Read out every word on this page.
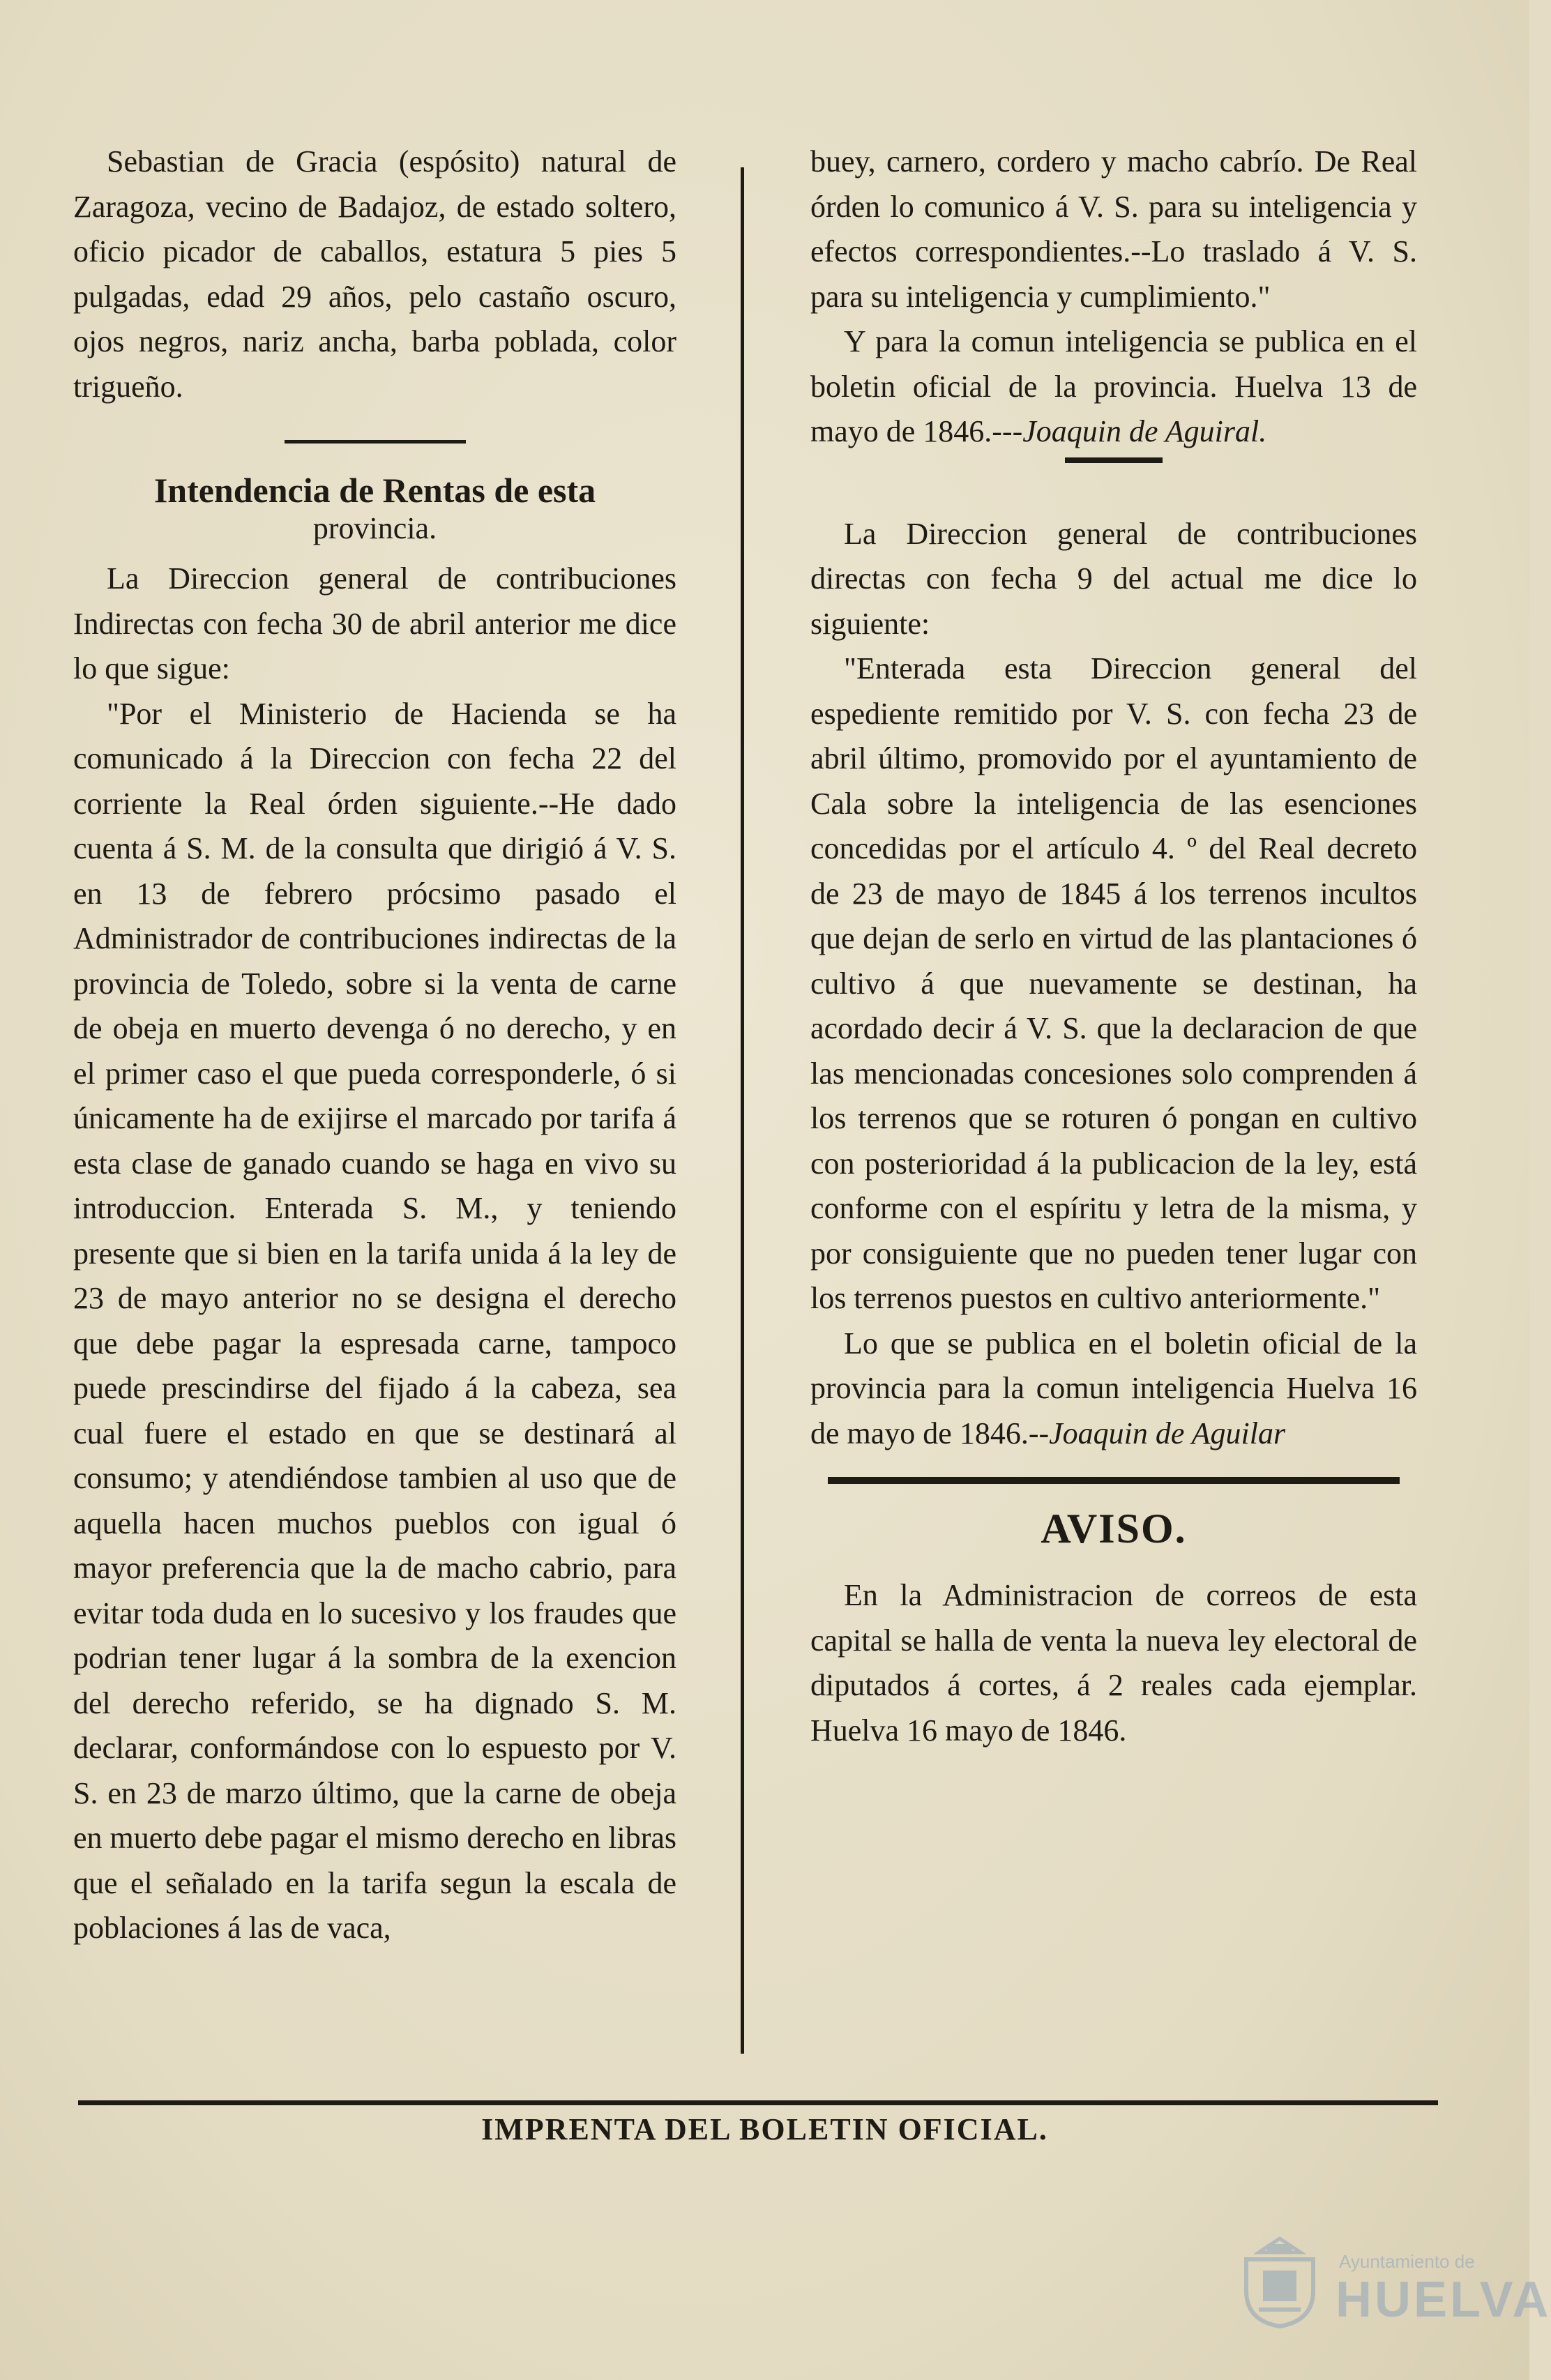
Sebastian de Gracia (espósito) natural de Zaragoza, vecino de Badajoz, de estado soltero, oficio picador de caballos, estatura 5 pies 5 pulgadas, edad 29 años, pelo castaño oscuro, ojos negros, nariz ancha, barba poblada, color trigueño.

Intendencia de Rentas de esta
provincia.

La Direccion general de contribuciones Indirectas con fecha 30 de abril anterior me dice lo que sigue:

"Por el Ministerio de Hacienda se ha comunicado á la Direccion con fecha 22 del corriente la Real órden siguiente.--He dado cuenta á S. M. de la consulta que dirigió á V. S. en 13 de febrero prócsimo pasado el Administrador de contribuciones indirectas de la provincia de Toledo, sobre si la venta de carne de obeja en muerto devenga ó no derecho, y en el primer caso el que pueda corresponderle, ó si únicamente ha de exijirse el marcado por tarifa á esta clase de ganado cuando se haga en vivo su introduccion. Enterada S. M., y teniendo presente que si bien en la tarifa unida á la ley de 23 de mayo anterior no se designa el derecho que debe pagar la espresada carne, tampoco puede prescindirse del fijado á la cabeza, sea cual fuere el estado en que se destinará al consumo; y atendiéndose tambien al uso que de aquella hacen muchos pueblos con igual ó mayor preferencia que la de macho cabrio, para evitar toda duda en lo sucesivo y los fraudes que podrian tener lugar á la sombra de la exencion del derecho referido, se ha dignado S. M. declarar, conformándose con lo espuesto por V. S. en 23 de marzo último, que la carne de obeja en muerto debe pagar el mismo derecho en libras que el señalado en la tarifa segun la escala de poblaciones á las de vaca,

buey, carnero, cordero y macho cabrío. De Real órden lo comunico á V. S. para su inteligencia y efectos correspondientes.--Lo traslado á V. S. para su inteligencia y cumplimiento."

Y para la comun inteligencia se publica en el boletin oficial de la provincia. Huelva 13 de mayo de 1846.---Joaquin de Aguiral.

La Direccion general de contribuciones directas con fecha 9 del actual me dice lo siguiente:

"Enterada esta Direccion general del espediente remitido por V. S. con fecha 23 de abril último, promovido por el ayuntamiento de Cala sobre la inteligencia de las esenciones concedidas por el artículo 4. º del Real decreto de 23 de mayo de 1845 á los terrenos incultos que dejan de serlo en virtud de las plantaciones ó cultivo á que nuevamente se destinan, ha acordado decir á V. S. que la declaracion de que las mencionadas concesiones solo comprenden á los terrenos que se roturen ó pongan en cultivo con posterioridad á la publicacion de la ley, está conforme con el espíritu y letra de la misma, y por consiguiente que no pueden tener lugar con los terrenos puestos en cultivo anteriormente."

Lo que se publica en el boletin oficial de la provincia para la comun inteligencia Huelva 16 de mayo de 1846.--Joaquin de Aguilar

AVISO.

En la Administracion de correos de esta capital se halla de venta la nueva ley electoral de diputados á cortes, á 2 reales cada ejemplar. Huelva 16 mayo de 1846.

IMPRENTA DEL BOLETIN OFICIAL.
Ayuntamiento de
HUELVA
